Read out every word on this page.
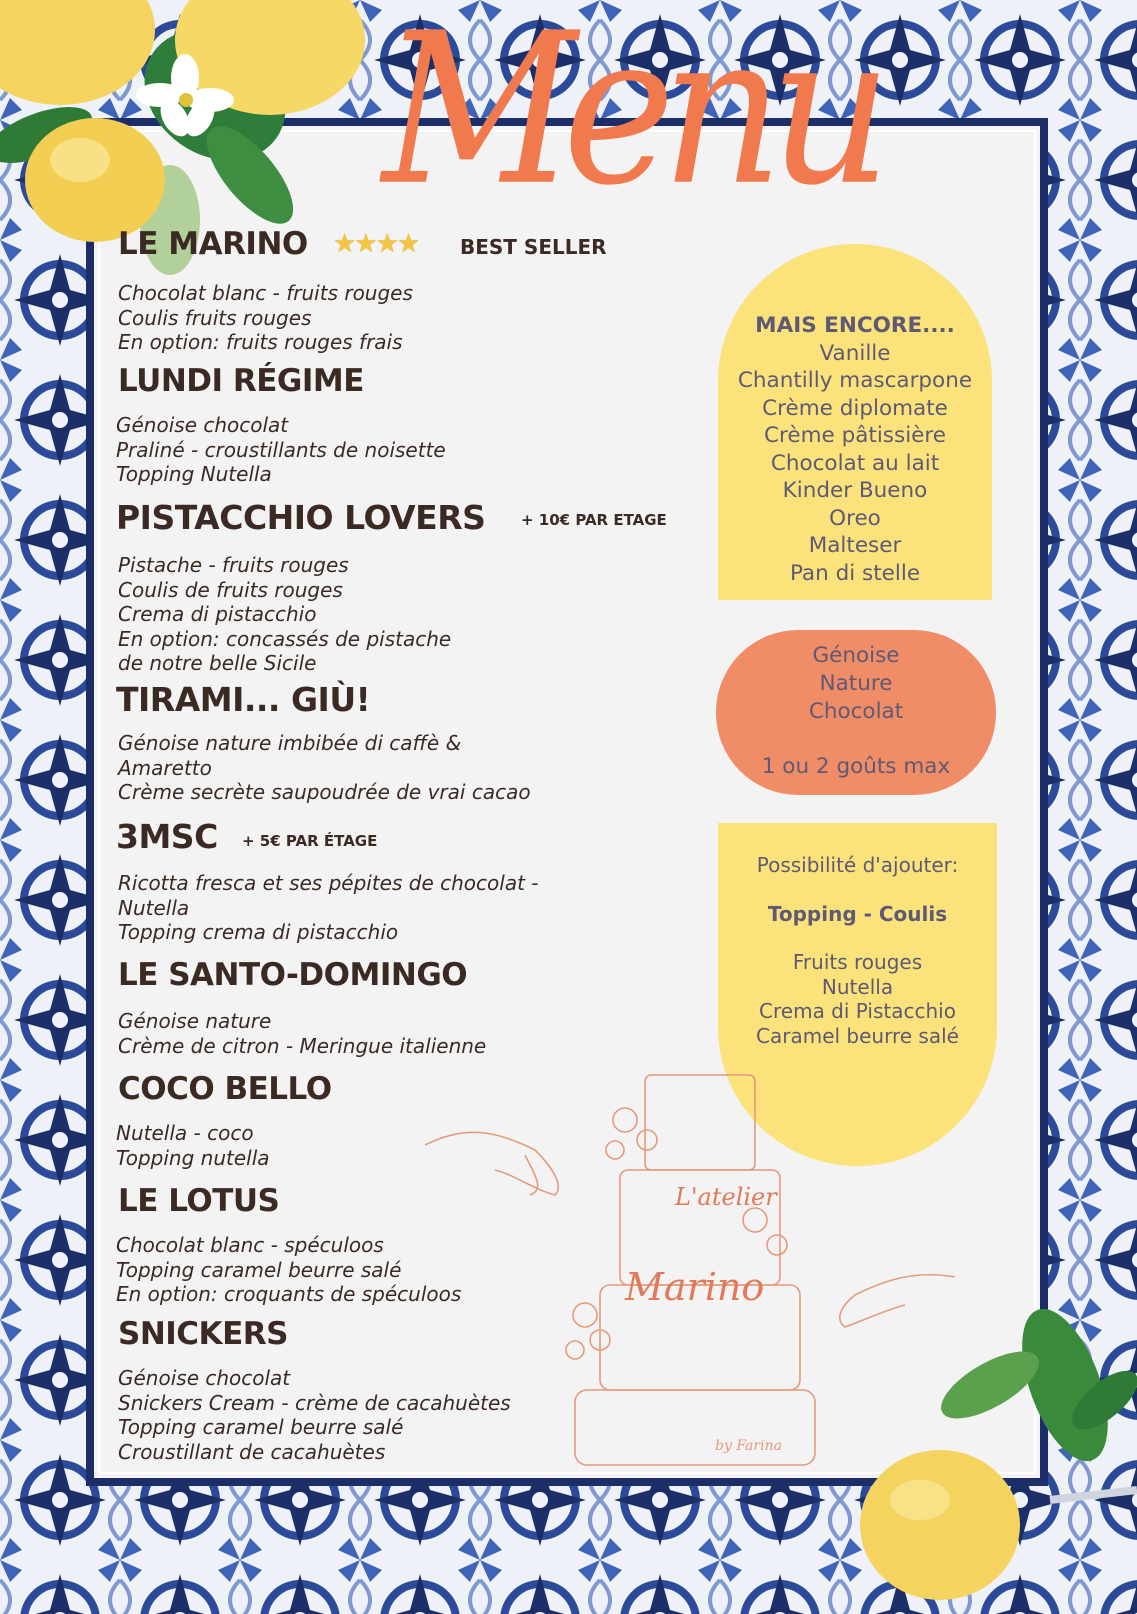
Menu
LE MARINO ★★★★ BEST SELLER
Chocolat blanc - fruits rouges
Coulis fruits rouges
En option: fruits rouges frais
LUNDI RÉGIME
Génoise chocolat
Praliné - croustillants de noisette
Topping Nutella
PISTACCHIO LOVERS + 10€ PAR ETAGE
Pistache - fruits rouges
Coulis de fruits rouges
Crema di pistacchio
En option: concassés de pistache
de notre belle Sicile
TIRAMI... GIÙ!
Génoise nature imbibée di caffè &
Amaretto
Crème secrète saupoudrée de vrai cacao
3MSC + 5€ PAR ÉTAGE
Ricotta fresca et ses pépites de chocolat -
Nutella
Topping crema di pistacchio
LE SANTO-DOMINGO
Génoise nature
Crème de citron - Meringue italienne
COCO BELLO
Nutella - coco
Topping nutella
LE LOTUS
Chocolat blanc - spéculoos
Topping caramel beurre salé
En option: croquants de spéculoos
SNICKERS
Génoise chocolat
Snickers Cream - crème de cacahuètes
Topping caramel beurre salé
Croustillant de cacahuètes
MAIS ENCORE....
Vanille
Chantilly mascarpone
Crème diplomate
Crème pâtissière
Chocolat au lait
Kinder Bueno
Oreo
Malteser
Pan di stelle
Génoise
Nature
Chocolat
1 ou 2 goûts max
Possibilité d'ajouter:
Topping - Coulis
Fruits rouges
Nutella
Crema di Pistacchio
Caramel beurre salé
L'atelier
Marino
by Farina
